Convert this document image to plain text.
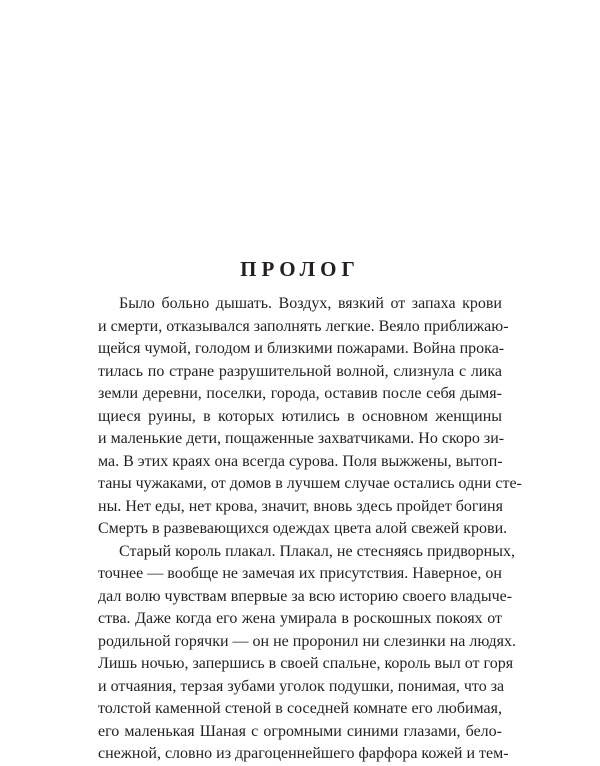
ПРОЛОГ
Было больно дышать. Воздух, вязкий от запаха крови
и смерти, отказывался заполнять легкие. Веяло приближаю-
щейся чумой, голодом и близкими пожарами. Война прока-
тилась по стране разрушительной волной, слизнула с лика
земли деревни, поселки, города, оставив после себя дымя-
щиеся руины, в которых ютились в основном женщины
и маленькие дети, пощаженные захватчиками. Но скоро зи-
ма. В этих краях она всегда сурова. Поля выжжены, вытоп-
таны чужаками, от домов в лучшем случае остались одни сте-
ны. Нет еды, нет крова, значит, вновь здесь пройдет богиня
Смерть в развевающихся одеждах цвета алой свежей крови.
Старый король плакал. Плакал, не стесняясь придворных,
точнее — вообще не замечая их присутствия. Наверное, он
дал волю чувствам впервые за всю историю своего владыче-
ства. Даже когда его жена умирала в роскошных покоях от
родильной горячки — он не проронил ни слезинки на людях.
Лишь ночью, запершись в своей спальне, король выл от горя
и отчаяния, терзая зубами уголок подушки, понимая, что за
толстой каменной стеной в соседней комнате его любимая,
его маленькая Шаная с огромными синими глазами, бело-
снежной, словно из драгоценнейшего фарфора кожей и тем-
